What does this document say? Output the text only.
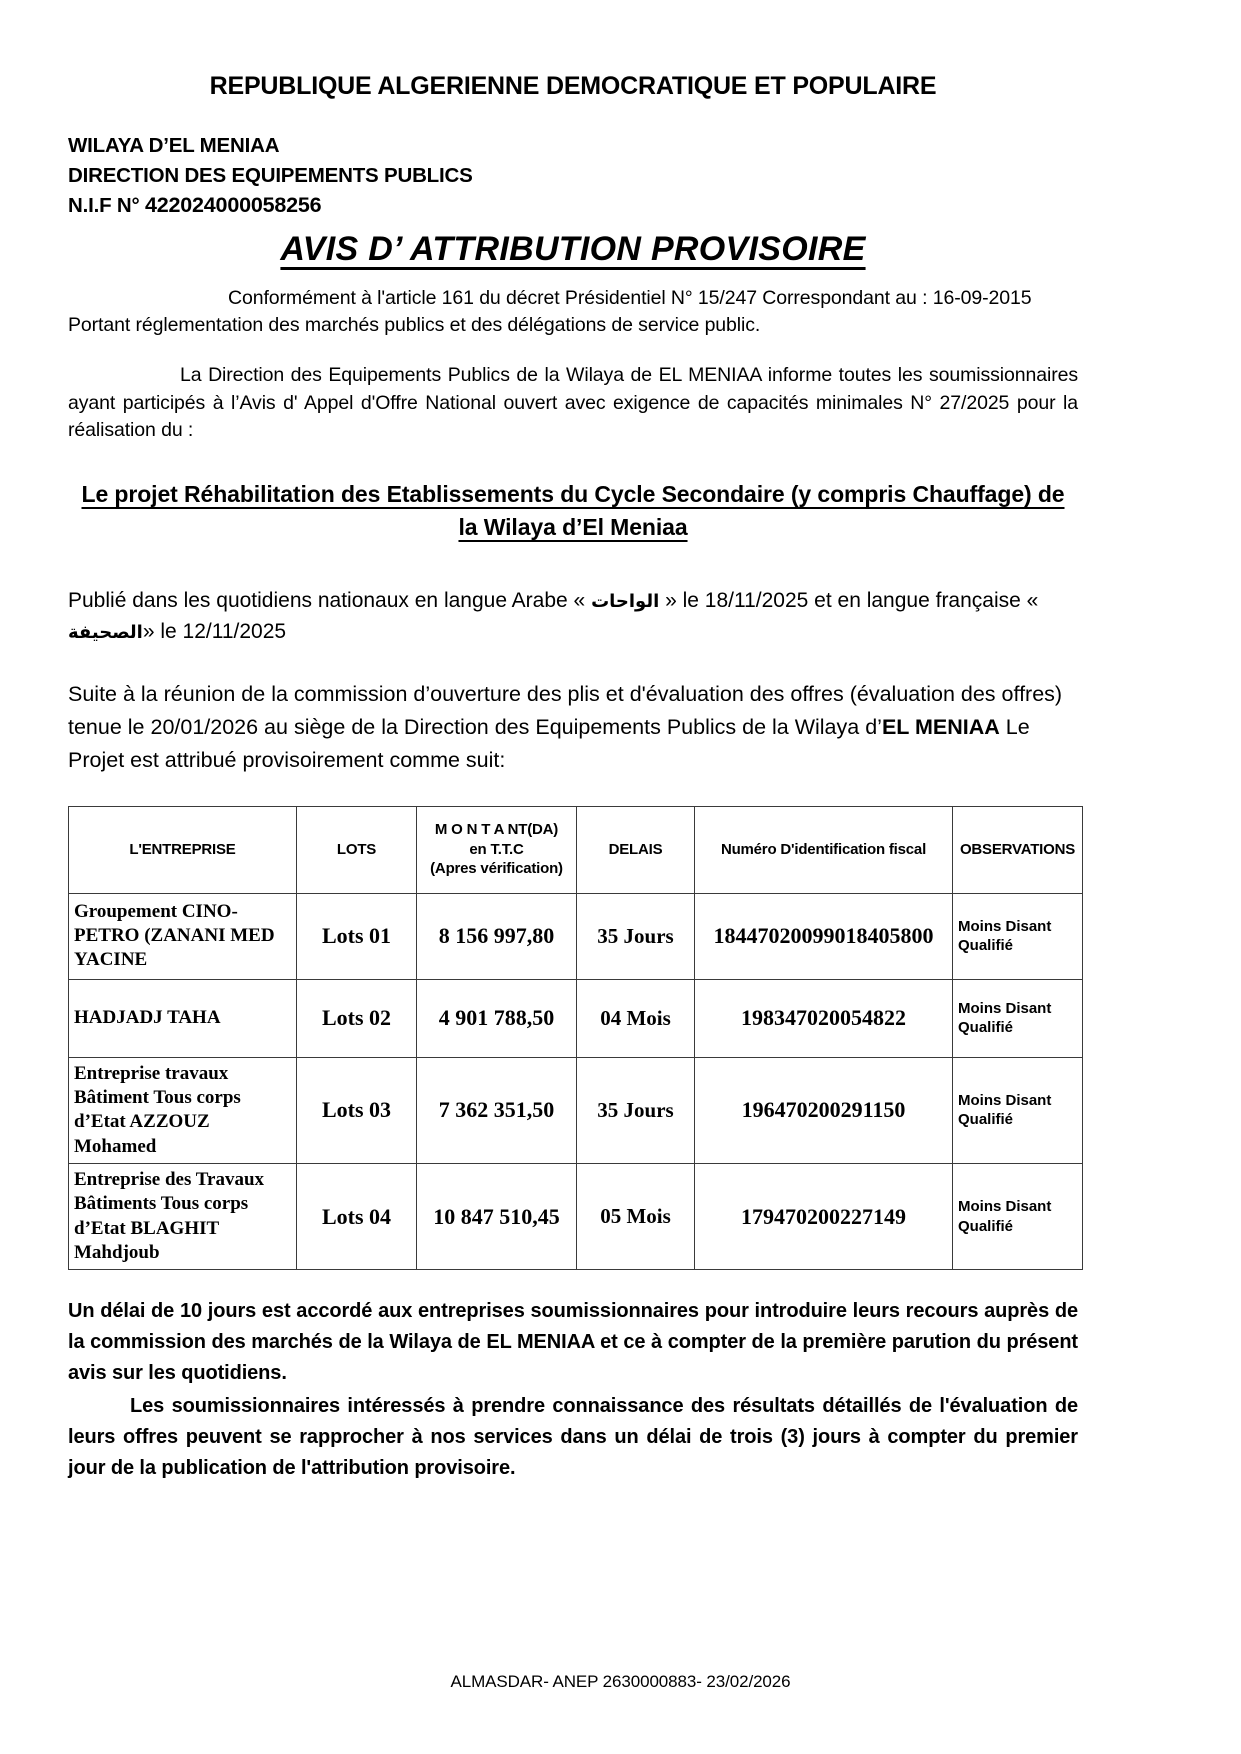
REPUBLIQUE ALGERIENNE DEMOCRATIQUE ET POPULAIRE
WILAYA D’EL MENIAA
DIRECTION DES EQUIPEMENTS PUBLICS
N.I.F N° 422024000058256
AVIS D’ ATTRIBUTION PROVISOIRE
Conformément à l'article 161 du décret Présidentiel N° 15/247 Correspondant au : 16-09-2015
Portant réglementation des marchés publics et des délégations de service public.
La Direction des Equipements Publics de la Wilaya de EL MENIAA informe toutes les soumissionnaires ayant participés à l’Avis d' Appel d'Offre National ouvert avec exigence de capacités minimales N° 27/2025 pour la réalisation du :
Le projet Réhabilitation des Etablissements du Cycle Secondaire (y compris Chauffage) de
la Wilaya d’El Meniaa
Publié dans les quotidiens nationaux en langue Arabe « الواحات » le 18/11/2025 et en langue française « الصحيفة» le 12/11/2025
Suite à la réunion de la commission d’ouverture des plis et d'évaluation des offres (évaluation des offres) tenue le 20/01/2026 au siège de la Direction des Equipements Publics de la Wilaya d’EL MENIAA Le Projet est attribué provisoirement comme suit:
L'ENTREPRISE	LOTS	M O N T A NT(DA)
en T.T.C
(Apres vérification)	DELAIS	Numéro D'identification fiscal	OBSERVATIONS
Groupement CINO-PETRO (ZANANI MED YACINE	Lots 01	8 156 997,80	35 Jours	18447020099018405800	Moins Disant
Qualifié
HADJADJ TAHA	Lots 02	4 901 788,50	04 Mois	198347020054822	Moins Disant
Qualifié
Entreprise travaux Bâtiment Tous corps d’Etat AZZOUZ Mohamed	Lots 03	7 362 351,50	35 Jours	196470200291150	Moins Disant
Qualifié
Entreprise des Travaux Bâtiments Tous corps d’Etat BLAGHIT Mahdjoub	Lots 04	10 847 510,45	05 Mois	179470200227149	Moins Disant
Qualifié

Un délai de 10 jours est accordé aux entreprises soumissionnaires pour introduire leurs recours auprès de la commission des marchés de la Wilaya de EL MENIAA et ce à compter de la première parution du présent avis sur les quotidiens.

Les soumissionnaires intéressés à prendre connaissance des résultats détaillés de l'évaluation de leurs offres peuvent se rapprocher à nos services dans un délai de trois (3) jours à compter du premier jour de la publication de l'attribution provisoire.

ALMASDAR- ANEP 2630000883- 23/02/2026
